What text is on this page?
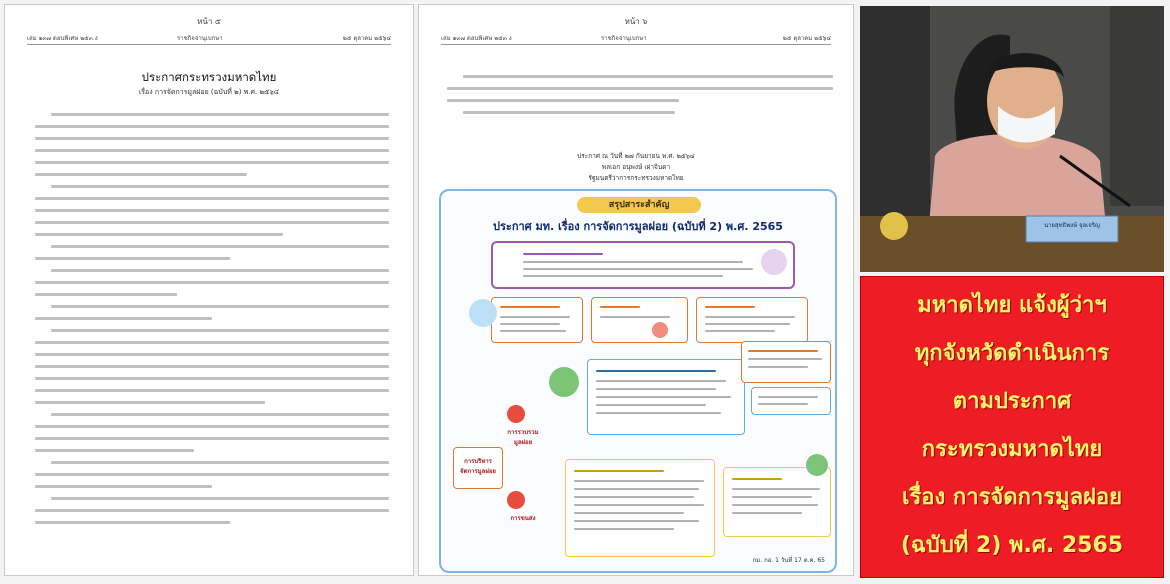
หน้า ๕
เล่ม ๑๓๗ ตอนพิเศษ ๒๕๓ ง	ราชกิจจานุเบกษา	๒๕ ตุลาคม ๒๕๖๔
ประกาศกระทรวงมหาดไทย
เรื่อง การจัดการมูลฝอย (ฉบับที่ ๒) พ.ศ. ๒๕๖๔
หน้า ๖
เล่ม ๑๓๗ ตอนพิเศษ ๒๕๓ ง	ราชกิจจานุเบกษา	๒๕ ตุลาคม ๒๕๖๔
ประกาศ ณ วันที่ ๒๗ กันยายน พ.ศ. ๒๕๖๔
พลเอก อนุพงษ์ เผ่าจินดา
รัฐมนตรีว่าการกระทรวงมหาดไทย
สรุปสาระสำคัญ
ประกาศ มท. เรื่อง การจัดการมูลฝอย (ฉบับที่ 2) พ.ศ. 2565
การบริหารจัดการมูลฝอย
การรวบรวมมูลฝอย
การขนส่ง
กม. กอ. 1 วันที่ 17 ต.ค. 65
นายสุทธิพงษ์ จุลเจริญ
มหาดไทย แจ้งผู้ว่าฯ
ทุกจังหวัดดำเนินการ
ตามประกาศ
กระทรวงมหาดไทย
เรื่อง การจัดการมูลฝอย
(ฉบับที่ 2) พ.ศ. 2565
